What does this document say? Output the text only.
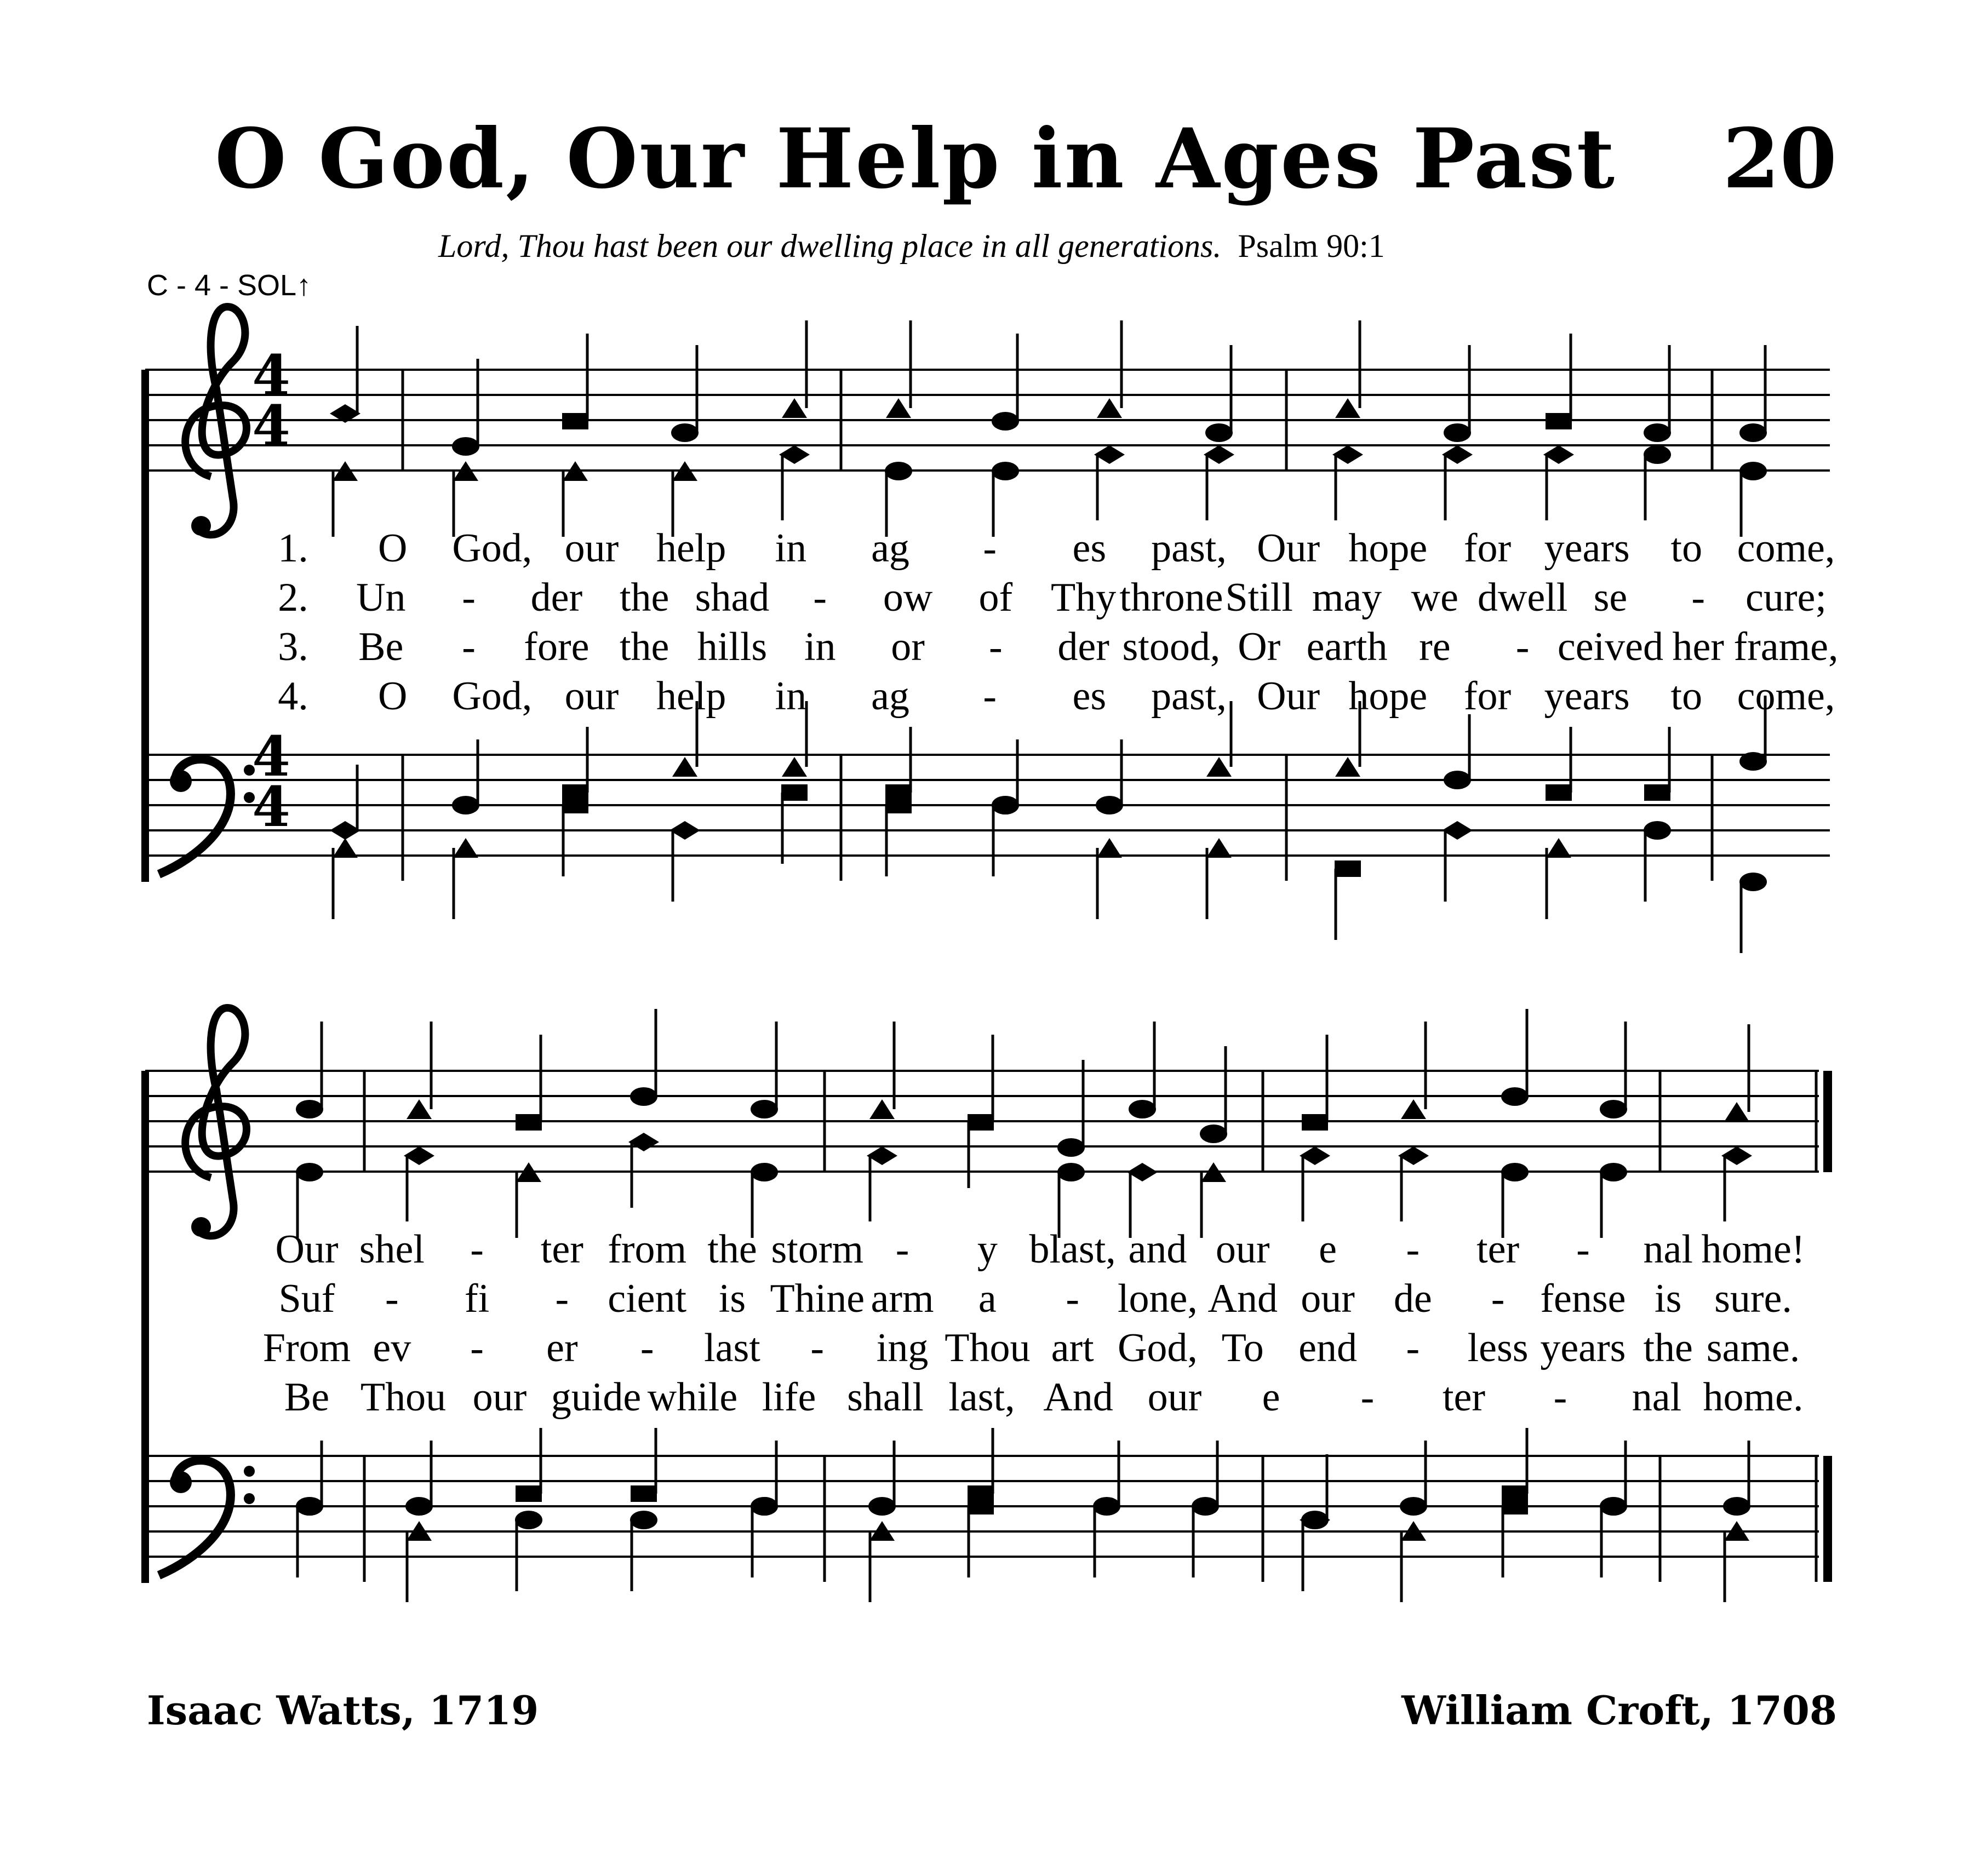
O God, Our Help in Ages Past 20
Lord, Thou hast been our dwelling place in all generations. Psalm 90:1
C - 4 - SOL↑
4
4
4
4
1. O God, our help in ag - es past, Our hope for years to come,
2. Un - der the shad - ow of ThythroneStill may we dwell se - cure;
3. Be - fore the hills in or - der stood, Or earth re - ceived her frame,
4. O God, our help in ag - es past, Our hope for years to come,
Our shel - ter from the storm - y blast, and our e - ter - nal home!
Suf - fi - cient is Thine arm a - lone, And our de - fense is sure.
From ev - er - last - ing Thou art God, To end - less years the same.
Be Thou our guide while life shall last, And our e - ter - nal home.
Isaac Watts, 1719	William Croft, 1708
